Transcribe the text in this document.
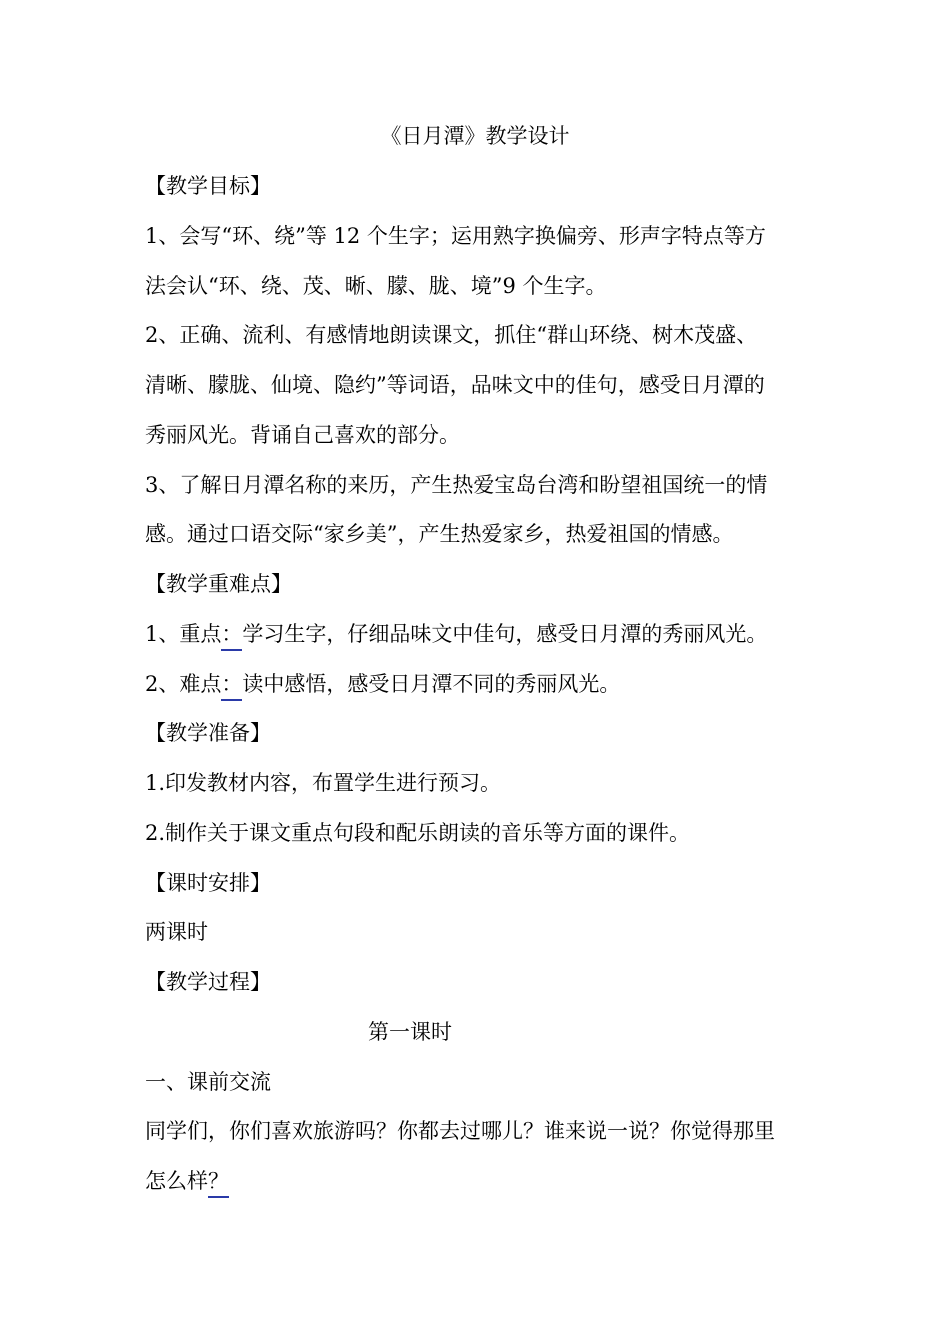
《日月潭》教学设计
【教学目标】
1、会写“环、绕”等 12 个生字；运用熟字换偏旁、形声字特点等方
法会认“环、绕、茂、晰、朦、胧、境”9 个生字。
2、正确、流利、有感情地朗读课文，抓住“群山环绕、树木茂盛、
清晰、朦胧、仙境、隐约”等词语，品味文中的佳句，感受日月潭的
秀丽风光。背诵自己喜欢的部分。
3、了解日月潭名称的来历，产生热爱宝岛台湾和盼望祖国统一的情
感。通过口语交际“家乡美”，产生热爱家乡，热爱祖国的情感。
【教学重难点】
1、重点：学习生字，仔细品味文中佳句，感受日月潭的秀丽风光。
2、难点：读中感悟，感受日月潭不同的秀丽风光。
【教学准备】
1.印发教材内容，布置学生进行预习。
2.制作关于课文重点句段和配乐朗读的音乐等方面的课件。
【课时安排】
两课时
【教学过程】
第一课时
一、课前交流
同学们，你们喜欢旅游吗？你都去过哪儿？谁来说一说？你觉得那里
怎么样？
